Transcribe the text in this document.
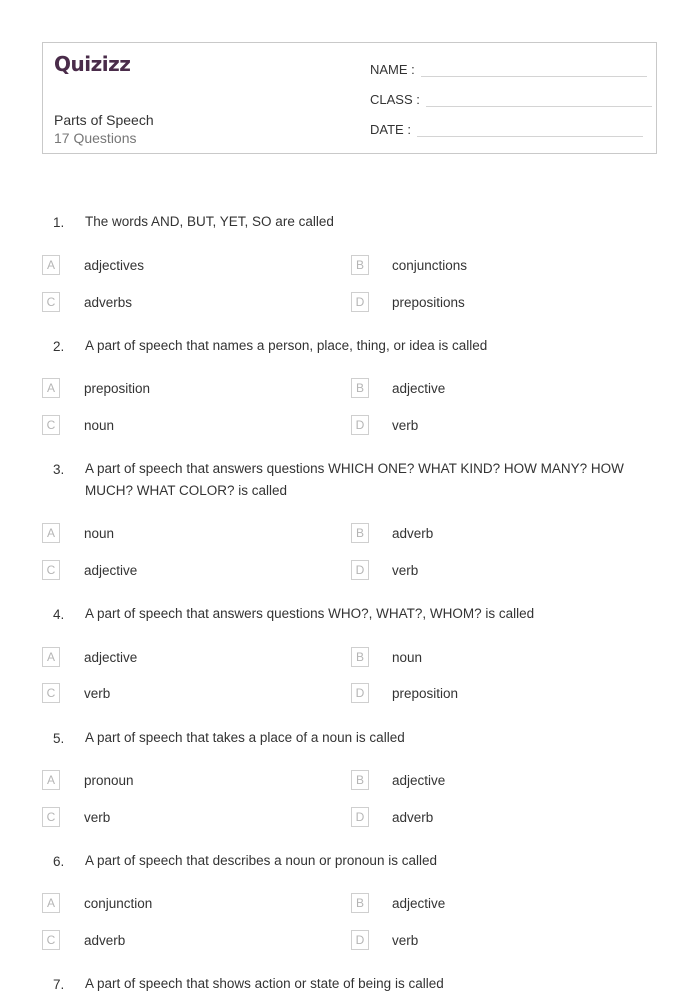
Quizizz
Parts of Speech
17 Questions
NAME :
CLASS :
DATE :
1. The words AND, BUT, YET, SO are called
A	adjectives	B	conjunctions
C	adverbs	D	prepositions
2. A part of speech that names a person, place, thing, or idea is called
A	preposition	B	adjective
C	noun	D	verb
3. A part of speech that answers questions WHICH ONE? WHAT KIND? HOW MANY? HOW MUCH? WHAT COLOR? is called
A	noun	B	adverb
C	adjective	D	verb
4. A part of speech that answers questions WHO?, WHAT?, WHOM? is called
A	adjective	B	noun
C	verb	D	preposition
5. A part of speech that takes a place of a noun is called
A	pronoun	B	adjective
C	verb	D	adverb
6. A part of speech that describes a noun or pronoun is called
A	conjunction	B	adjective
C	adverb	D	verb
7. A part of speech that shows action or state of being is called
